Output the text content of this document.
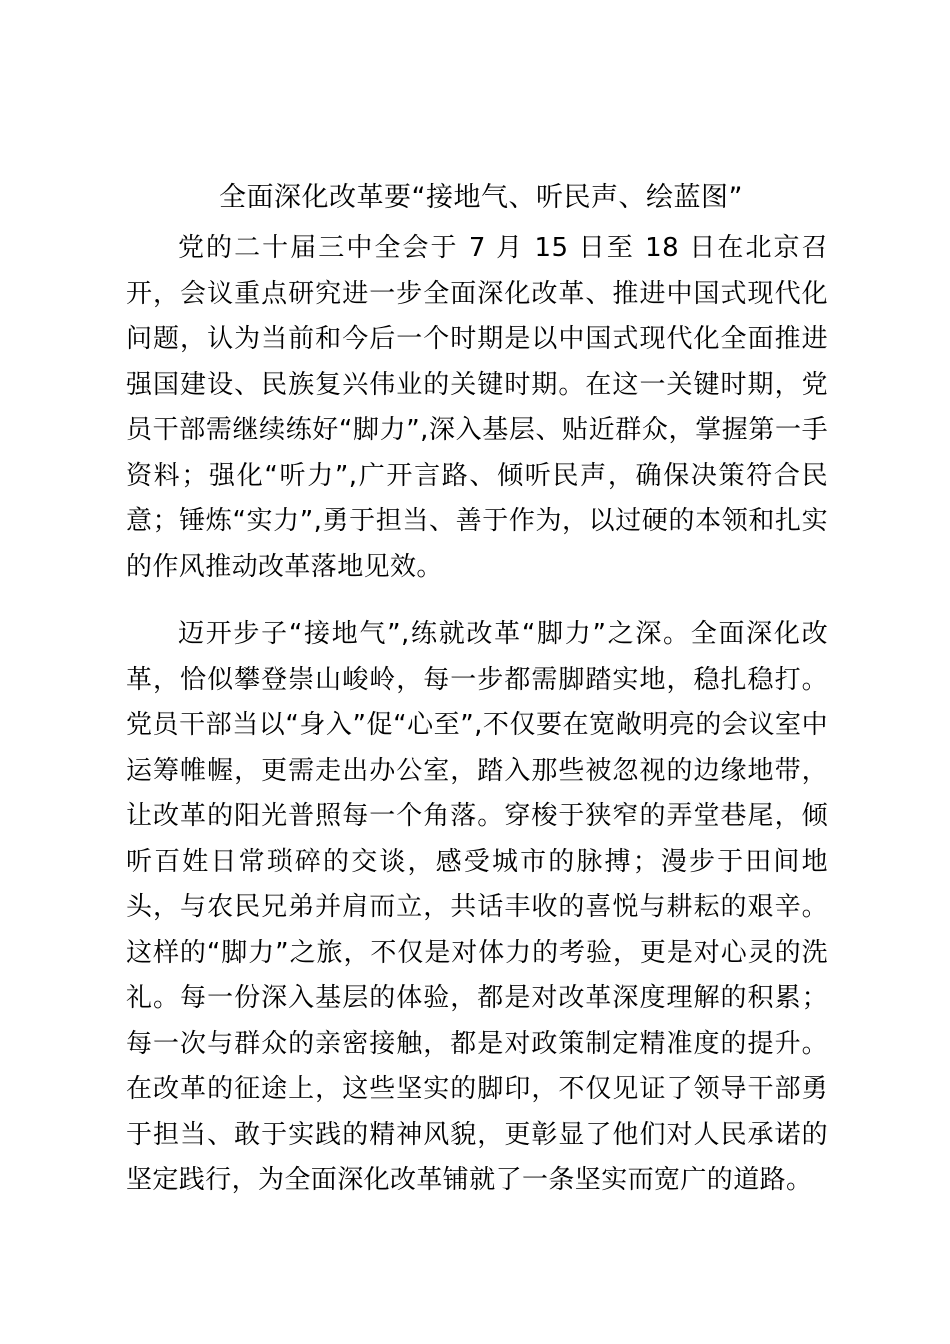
全面深化改革要“接地气、听民声、绘蓝图”

党的二十届三中全会于 7 月 15 日至 18 日在北京召开，会议重点研究进一步全面深化改革、推进中国式现代化问题，认为当前和今后一个时期是以中国式现代化全面推进强国建设、民族复兴伟业的关键时期。在这一关键时期，党员干部需继续练好“脚力”,深入基层、贴近群众，掌握第一手资料；强化“听力”,广开言路、倾听民声，确保决策符合民意；锤炼“实力”,勇于担当、善于作为，以过硬的本领和扎实的作风推动改革落地见效。

迈开步子“接地气”,练就改革“脚力”之深。全面深化改革，恰似攀登崇山峻岭，每一步都需脚踏实地，稳扎稳打。党员干部当以“身入”促“心至”,不仅要在宽敞明亮的会议室中运筹帷幄，更需走出办公室，踏入那些被忽视的边缘地带，让改革的阳光普照每一个角落。穿梭于狭窄的弄堂巷尾，倾听百姓日常琐碎的交谈，感受城市的脉搏；漫步于田间地头，与农民兄弟并肩而立，共话丰收的喜悦与耕耘的艰辛。这样的“脚力”之旅，不仅是对体力的考验，更是对心灵的洗礼。每一份深入基层的体验，都是对改革深度理解的积累；每一次与群众的亲密接触，都是对政策制定精准度的提升。在改革的征途上，这些坚实的脚印，不仅见证了领导干部勇于担当、敢于实践的精神风貌，更彰显了他们对人民承诺的坚定践行，为全面深化改革铺就了一条坚实而宽广的道路。
